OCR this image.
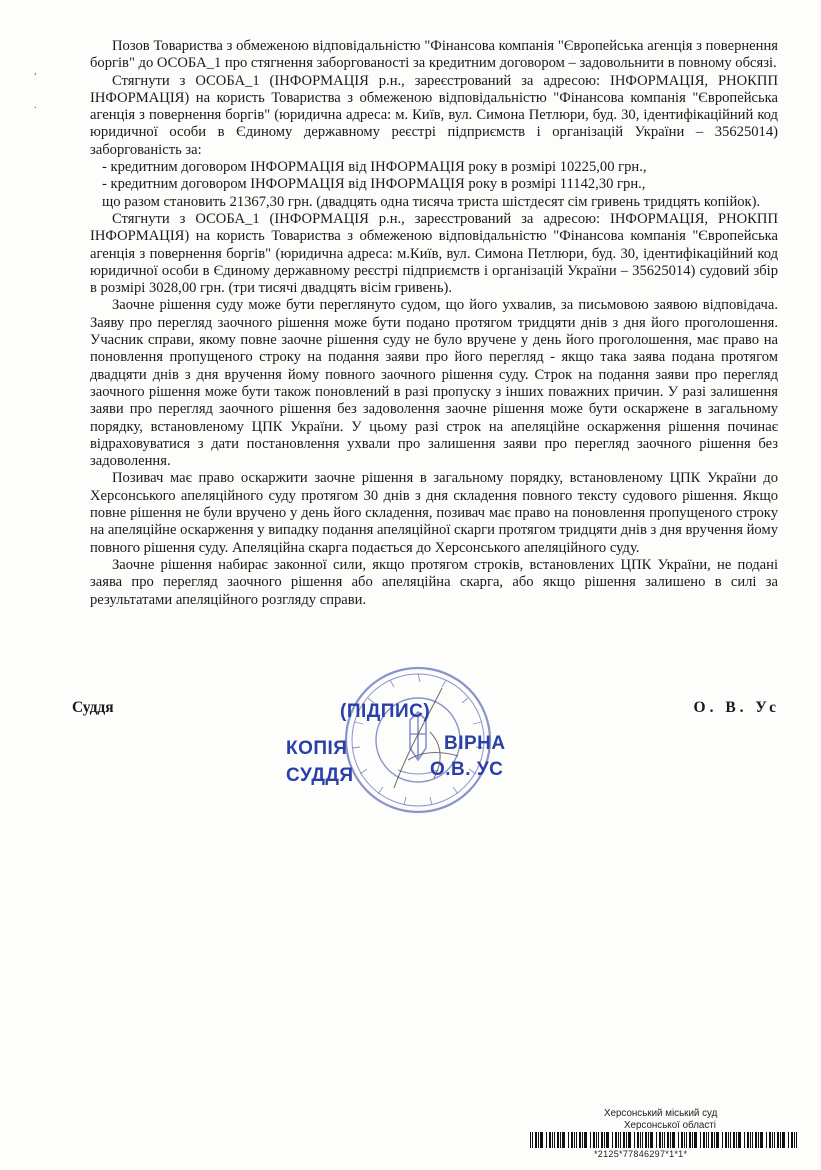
,
.

Позов Товариства з обмеженою відповідальністю "Фінансова компанія "Європейська агенція з повернення боргів" до ОСОБА_1 про стягнення заборгованості за кредитним договором – задовольнити в повному обсязі.

Стягнути з ОСОБА_1 (ІНФОРМАЦІЯ р.н., зареєстрований за адресою: ІНФОРМАЦІЯ, РНОКПП ІНФОРМАЦІЯ) на користь Товариства з обмеженою відповідальністю "Фінансова компанія "Європейська агенція з повернення боргів" (юридична адреса: м. Київ, вул. Симона Петлюри, буд. 30, ідентифікаційний код юридичної особи в Єдиному державному реєстрі підприємств і організацій України – 35625014) заборгованість за:

- кредитним договором ІНФОРМАЦІЯ від ІНФОРМАЦІЯ року в розмірі 10225,00 грн.,

- кредитним договором ІНФОРМАЦІЯ від ІНФОРМАЦІЯ року в розмірі 11142,30 грн.,

що разом становить 21367,30 грн. (двадцять одна тисяча триста шістдесят сім гривень тридцять копійок).

Стягнути з ОСОБА_1 (ІНФОРМАЦІЯ р.н., зареєстрований за адресою: ІНФОРМАЦІЯ, РНОКПП ІНФОРМАЦІЯ) на користь Товариства з обмеженою відповідальністю "Фінансова компанія "Європейська агенція з повернення боргів" (юридична адреса: м.Київ, вул. Симона Петлюри, буд. 30, ідентифікаційний код юридичної особи в Єдиному державному реєстрі підприємств і організацій України – 35625014) судовий збір в розмірі 3028,00 грн. (три тисячі двадцять вісім гривень).

Заочне рішення суду може бути переглянуто судом, що його ухвалив, за письмовою заявою відповідача. Заяву про перегляд заочного рішення може бути подано протягом тридцяти днів з дня його проголошення. Учасник справи, якому повне заочне рішення суду не було вручене у день його проголошення, має право на поновлення пропущеного строку на подання заяви про його перегляд - якщо така заява подана протягом двадцяти днів з дня вручення йому повного заочного рішення суду. Строк на подання заяви про перегляд заочного рішення може бути також поновлений в разі пропуску з інших поважних причин. У разі залишення заяви про перегляд заочного рішення без задоволення заочне рішення може бути оскаржене в загальному порядку, встановленому ЦПК України. У цьому разі строк на апеляційне оскарження рішення починає відраховуватися з дати постановлення ухвали про залишення заяви про перегляд заочного рішення без задоволення.

Позивач має право оскаржити заочне рішення в загальному порядку, встановленому ЦПК України до Херсонського апеляційного суду протягом 30 днів з дня складення повного тексту судового рішення. Якщо повне рішення не були вручено у день його складення, позивач має право на поновлення пропущеного строку на апеляційне оскарження у випадку подання апеляційної скарги протягом тридцяти днів з дня вручення йому повного рішення суду. Апеляційна скарга подається до Херсонського апеляційного суду.

Заочне рішення набирає законної сили, якщо протягом строків, встановлених ЦПК України, не подані заява про перегляд заочного рішення або апеляційна скарга, або якщо рішення залишено в силі за результатами апеляційного розгляду справи.

Суддя	О. В. Ус
(ПІДПИС)
КОПІЯ	ВІРНА
СУДДЯ	О.В. УС
Херсонський міський суд
Херсонської області
*2125*77846297*1*1*
